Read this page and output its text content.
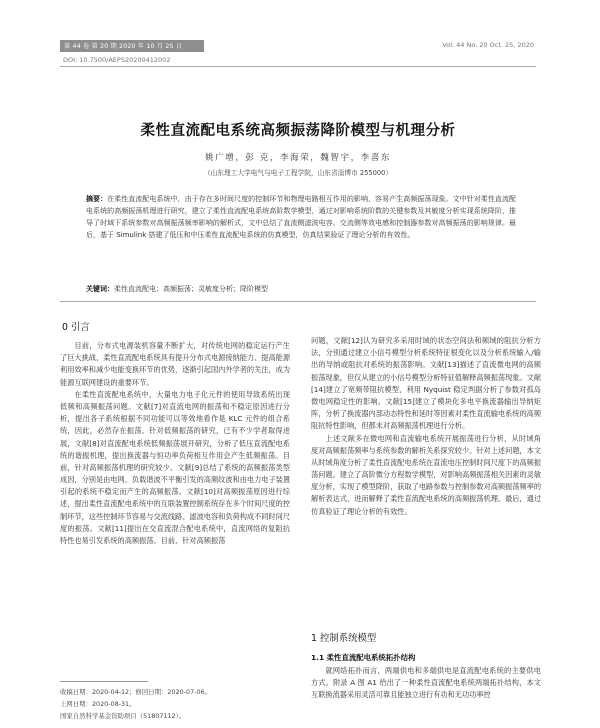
第 44 卷 第 20 期 2020 年 10 月 25 日	Vol. 44 No. 20 Oct. 25, 2020
DOI: 10.7500/AEPS20200412002
柔性直流配电系统高频振荡降阶模型与机理分析
姚广增，彭 克，李海荣，魏智宇，李喜东
（山东理工大学电气与电子工程学院，山东省淄博市 255000）
摘要：在柔性直流配电系统中，由于存在多时间尺度的控制环节和物理电路相互作用的影响，容易产生高频振荡现象。文中针对柔性直流配电系统的高频振荡机理进行研究，建立了柔性直流配电系统高阶数学模型，通过对影响系统阶数的关键参数及其敏度分析实现系统降阶，推导了时域下系统参数对高频振荡频率影响的解析式，文中总结了直流侧滤波电容、交流侧等效电感和控制器参数对高频振荡的影响规律。最后，基于 Simulink 搭建了低压和中压柔性直流配电系统的仿真模型，仿真结果验证了理论分析的有效性。
关键词：柔性直流配电；高频振荡；灵敏度分析；降阶模型
0 引言

目前，分布式电源装机容量不断扩大，对传统电网的稳定运行产生了巨大挑战，柔性直流配电系统具有提升分布式电源接纳能力、提高能源利用效率和减少电能变换环节的优势，逐渐引起国内外学者的关注，成为能源互联网建设的重要环节。

在柔性直流配电系统中，大量电力电子化元件的使用导致系统出现低频和高频振荡问题。文献[7]对直流电网的振荡和不稳定原因进行分析，提出各子系统根据不同功能可以等效地看作是 KLC 元件的组合系统，因此，必然存在振荡。针对低频振荡的研究，已有不少学者取得进展，文献[8]对直流配电系统低频振荡展开研究，分析了低压直流配电系统的谐振机理，提出换流器与恒功率负荷相互作用会产生低频振荡。目前，针对高频振荡机理的研究较少。文献[9]总结了系统的高频振荡类型成因，分别是由电网、负载谐波不平衡引发的高频纹波和由电力电子装置引起的系统不稳定而产生的高频振荡。文献[10]对高频振荡原因进行综述，提出柔性直流配电系统中的互联装置控制系统存在多个时间尺度的控制环节，这些控制环节容易与交流线路、滤波电容和负荷构成不同时间尺度的振荡。文献[11]提出在交直流混合配电系统中，直流网络的复阻抗特性也易引发系统的高频振荡。目前，针对高频振荡

问题，文献[12]认为研究多采用时域的状态空间法和频域的阻抗分析方法，分别通过建立小信号模型分析系统特征根变化以及分析系统输入/输出的导纳或阻抗对系统的振荡影响。文献[13]描述了直流微电网的高频振荡现象，但仅从建立的小信号模型分析特征值解释高频振荡现象。文献[14]建立了宽频带阻抗模型，利用 Nyquist 稳定判据分析了参数对孤岛微电网稳定性的影响。文献[15]建立了模块化多电平换流器输出导纳矩阵，分析了换流器内部动态特性和延时等因素对柔性直流输电系统的高频阻抗特性影响，但都未对高频振荡机理进行分析。

上述文献多在微电网和直流输电系统开展振荡进行分析，从时域角度对高频振荡频率与系统参数的解析关系探究较少。针对上述问题，本文从时域角度分析了柔性直流配电系统在直流电压控制时间尺度下的高频振荡问题。建立了高阶微分方程数学模型，对影响高频振荡相关因素的灵敏度分析，实现了模型降阶，获取了电路参数与控制参数对高频振荡频率的解析表达式，进而解释了柔性直流配电系统的高频振荡机理。最后，通过仿真验证了理论分析的有效性。

1 控制系统模型
1.1 柔性直流配电系统拓扑结构

就网络拓扑而言，两端供电和多端供电是直流配电系统的主要供电方式。附录 A 图 A1 给出了一种柔性直流配电系统两端拓扑结构，本文互联换流器采用灵活可靠且能独立进行有功和无功功率控

收稿日期：2020-04-12；修回日期：2020-07-06。
上网日期：2020-08-31。
国家自然科学基金资助项目（51807112）。
